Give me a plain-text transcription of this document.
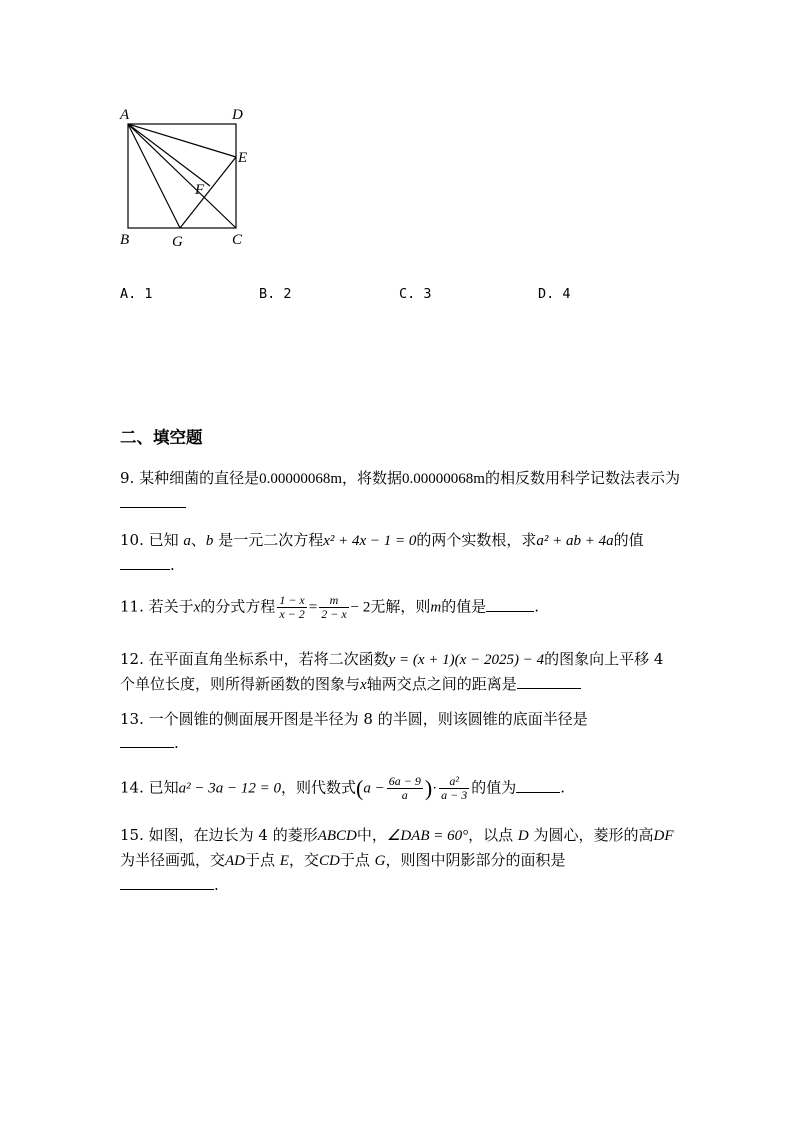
A	D
E
F
B	G	C
A. 1	B. 2	C. 3	D. 4
二、填空题
9. 某种细菌的直径是0.00000068m，将数据0.00000068m的相反数用科学记数法表示为
10. 已知 a、b 是一元二次方程x² + 4x − 1 = 0的两个实数根，求a² + ab + 4a的值
.
11. 若关于x的分式方程 $\frac{1 - x}{x - 2} = \frac{m}{2 - x} - 2$无解，则m的值是	.
12. 在平面直角坐标系中，若将二次函数y = (x + 1)(x − 2025) − 4的图象向上平移 4 个单位长度，则所得新函数的图象与x轴两交点之间的距离是
13. 一个圆锥的侧面展开图是半径为 8 的半圆，则该圆锥的底面半径是
.
14. 已知a² − 3a − 12 = 0，则代数式($a - \frac{6a - 9}{a}$ )· $\frac{\text{a²}}{a - 3}$ 的值为	.
15. 如图，在边长为 4 的菱形ABCD中，∠DAB = 60°，以点 D 为圆心，菱形的高DF为半径画弧，交AD于点 E，交CD于点 G，则图中阴影部分的面积是
.
